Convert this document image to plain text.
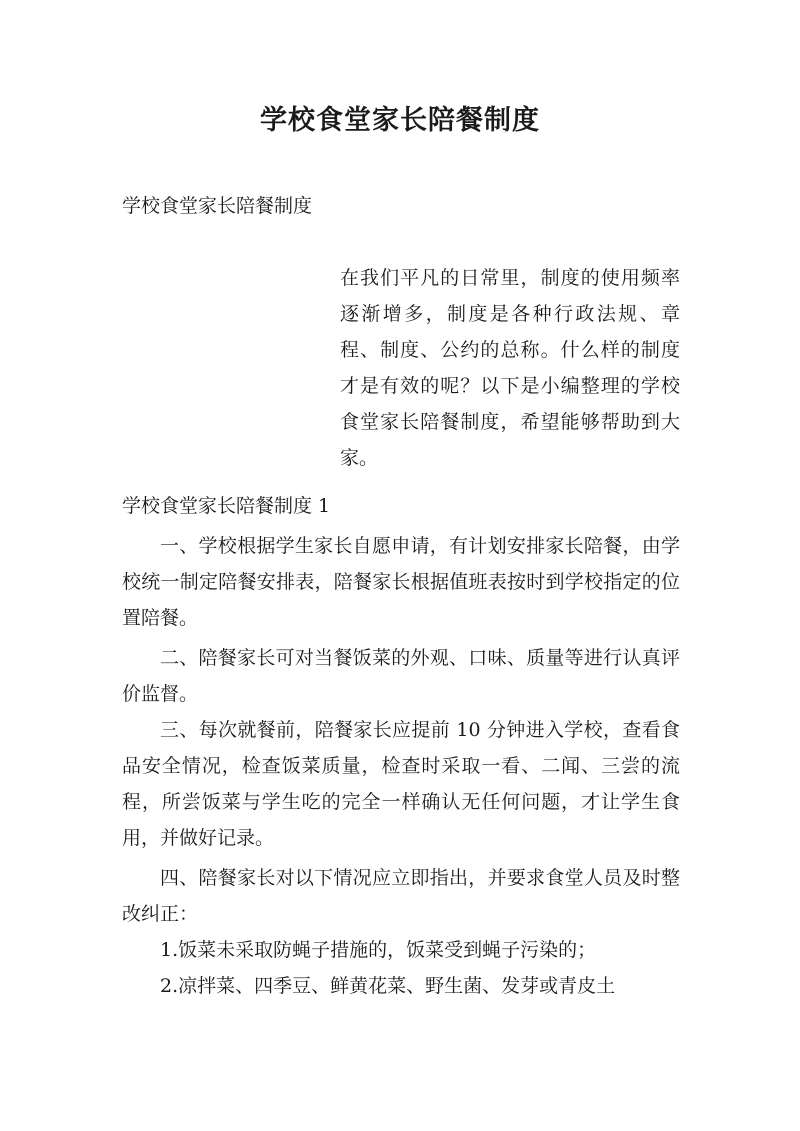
学校食堂家长陪餐制度
学校食堂家长陪餐制度
在我们平凡的日常里，制度的使用频率逐渐增多，制度是各种行政法规、章程、制度、公约的总称。什么样的制度才是有效的呢？以下是小编整理的学校食堂家长陪餐制度，希望能够帮助到大家。
学校食堂家长陪餐制度 1
一、学校根据学生家长自愿申请，有计划安排家长陪餐，由学校统一制定陪餐安排表，陪餐家长根据值班表按时到学校指定的位置陪餐。
二、陪餐家长可对当餐饭菜的外观、口味、质量等进行认真评价监督。
三、每次就餐前，陪餐家长应提前 10 分钟进入学校，查看食品安全情况，检查饭菜质量，检查时采取一看、二闻、三尝的流程，所尝饭菜与学生吃的完全一样确认无任何问题，才让学生食用，并做好记录。
四、陪餐家长对以下情况应立即指出，并要求食堂人员及时整改纠正：
1.饭菜未采取防蝇子措施的，饭菜受到蝇子污染的；
2.凉拌菜、四季豆、鲜黄花菜、野生菌、发芽或青皮土
